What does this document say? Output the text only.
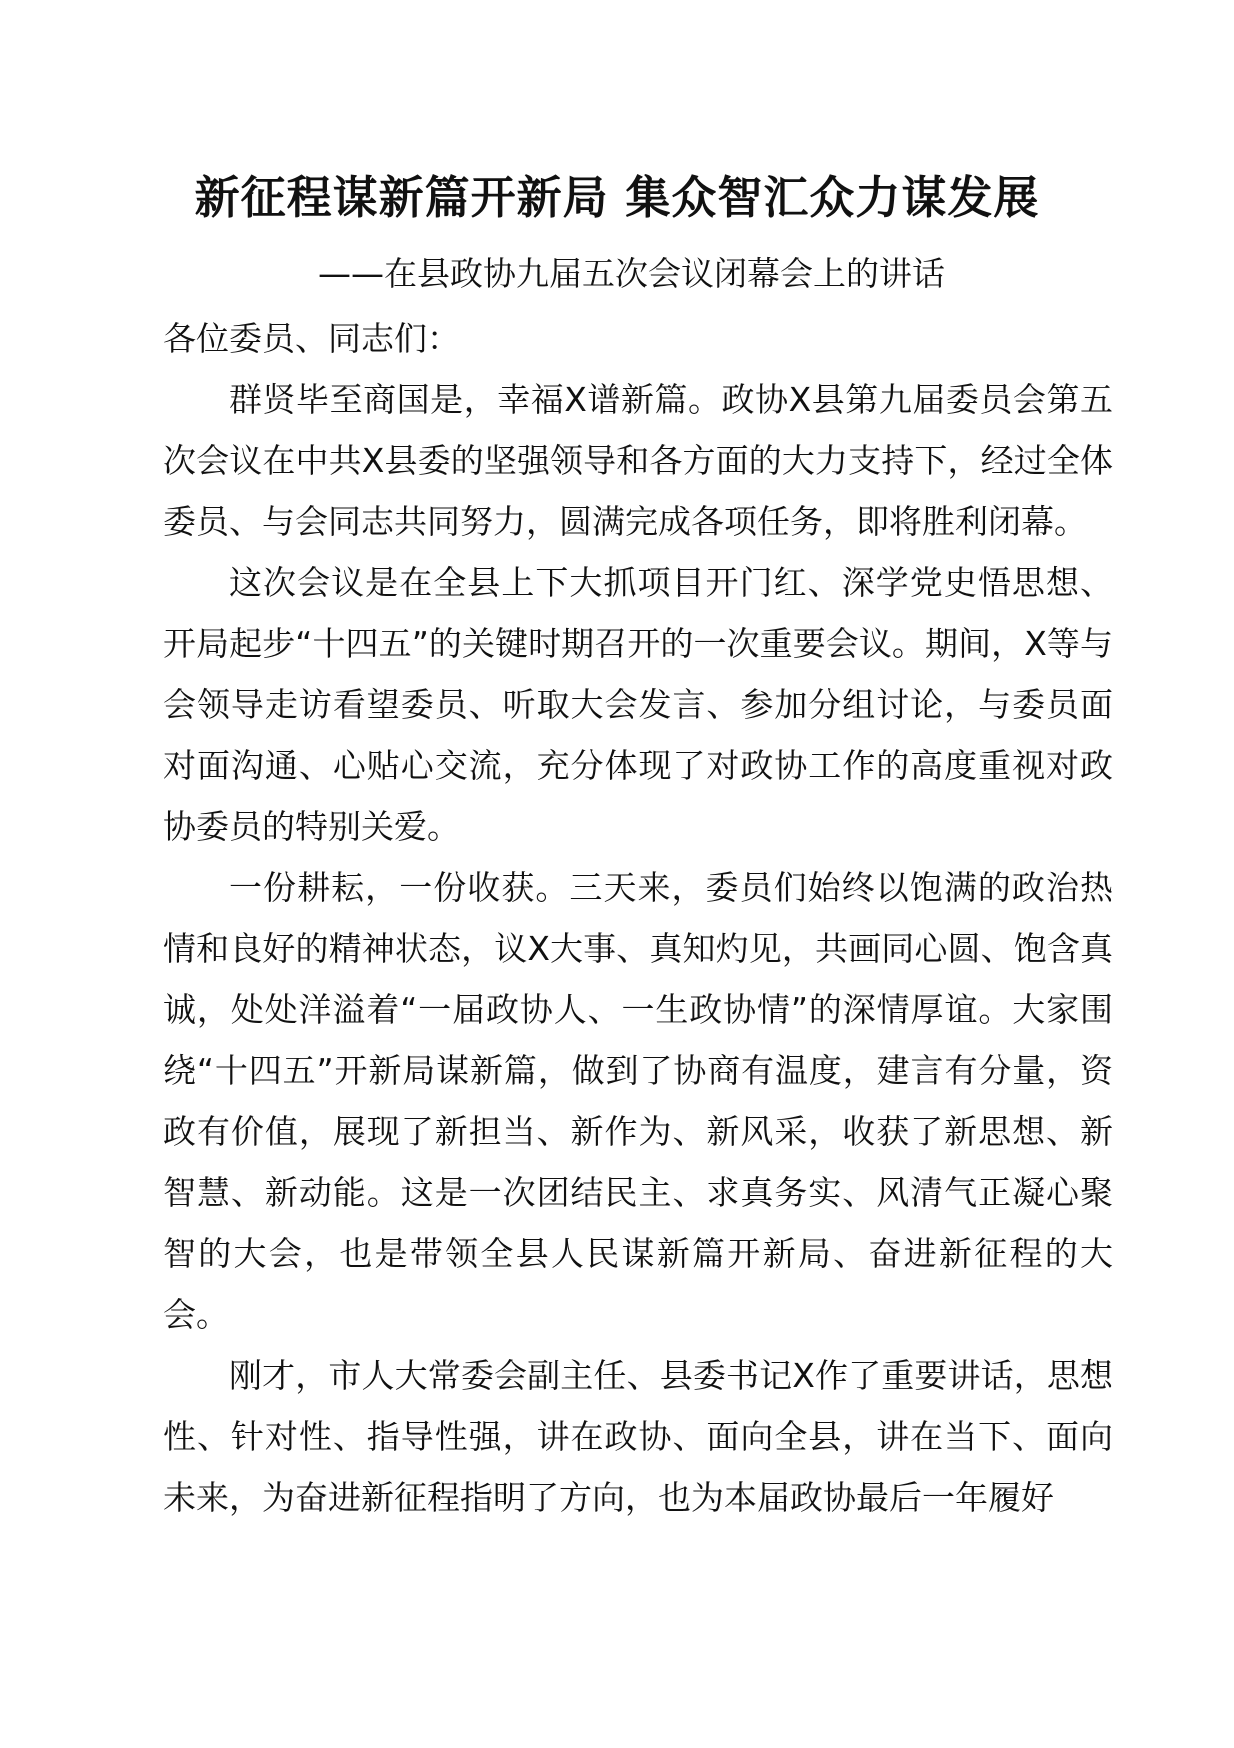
新征程谋新篇开新局 集众智汇众力谋发展
——在县政协九届五次会议闭幕会上的讲话

各位委员、同志们：

群贤毕至商国是，幸福X谱新篇。政协X县第九届委员会第五次会议在中共X县委的坚强领导和各方面的大力支持下，经过全体委员、与会同志共同努力，圆满完成各项任务，即将胜利闭幕。

这次会议是在全县上下大抓项目开门红、深学党史悟思想、开局起步“十四五”的关键时期召开的一次重要会议。期间，X等与会领导走访看望委员、听取大会发言、参加分组讨论，与委员面对面沟通、心贴心交流，充分体现了对政协工作的高度重视对政协委员的特别关爱。

一份耕耘，一份收获。三天来，委员们始终以饱满的政治热情和良好的精神状态，议X大事、真知灼见，共画同心圆、饱含真诚，处处洋溢着“一届政协人、一生政协情”的深情厚谊。大家围绕“十四五”开新局谋新篇，做到了协商有温度，建言有分量，资政有价值，展现了新担当、新作为、新风采，收获了新思想、新智慧、新动能。这是一次团结民主、求真务实、风清气正凝心聚智的大会，也是带领全县人民谋新篇开新局、奋进新征程的大会。

刚才，市人大常委会副主任、县委书记X作了重要讲话，思想性、针对性、指导性强，讲在政协、面向全县，讲在当下、面向未来，为奋进新征程指明了方向，也为本届政协最后一年履好
